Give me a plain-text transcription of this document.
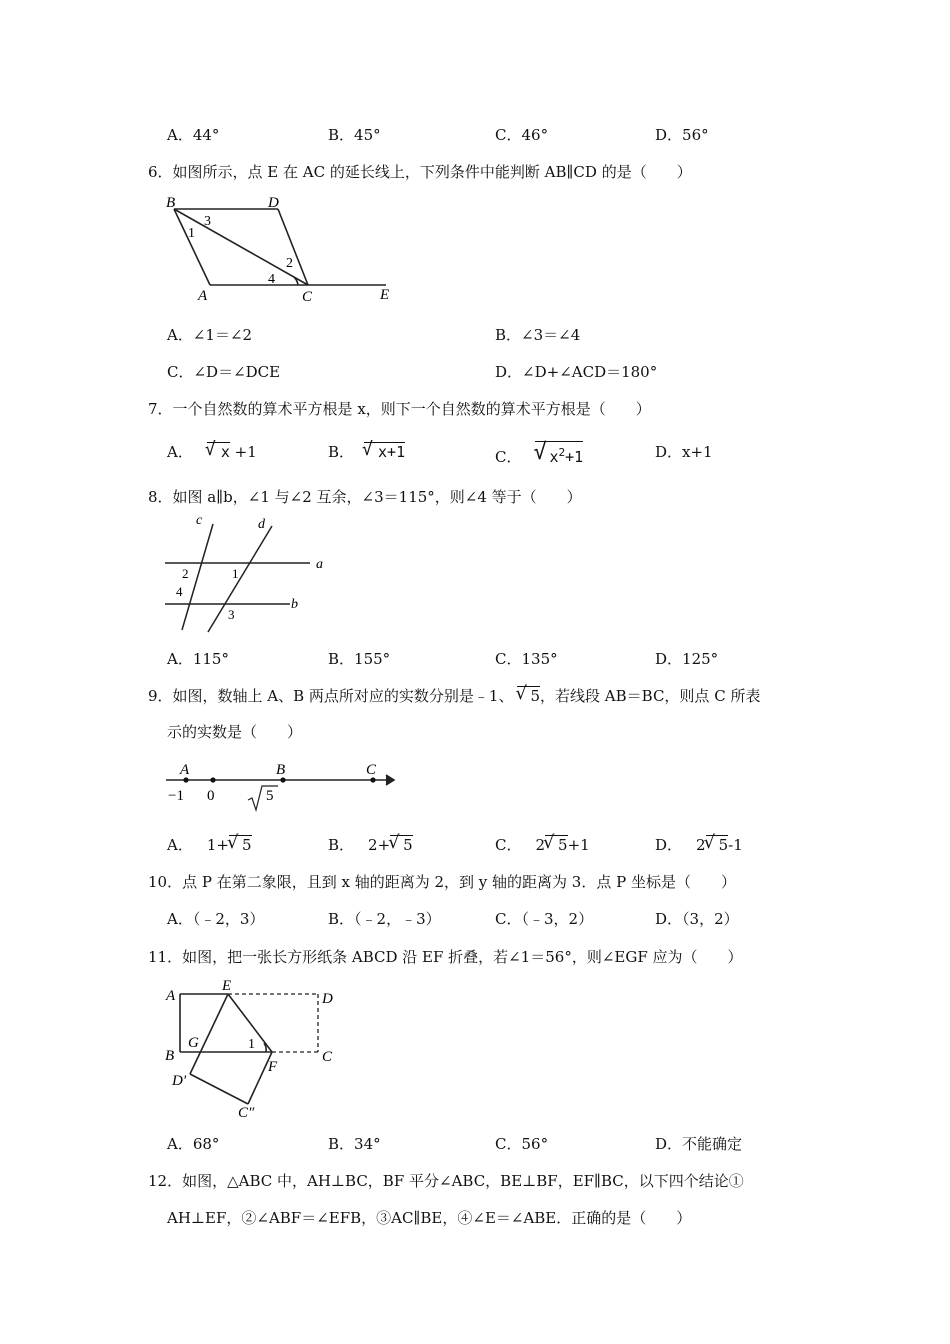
A．44°	B．45°	C．46°	D．56°
6．如图所示，点 E 在 AC 的延长线上，下列条件中能判断 AB∥CD 的是（　　）
B	D
A	C	E
1
2
3
4
A．∠1＝∠2	B．∠3＝∠4
C．∠D＝∠DCE	D．∠D+∠ACD＝180°
7．一个自然数的算术平方根是 x，则下一个自然数的算术平方根是（　　）
A． √ x +1	B． √ x+1	C． √ $x^2+1$	D．x+1
8．如图 a∥b，∠1 与∠2 互余，∠3＝115°，则∠4 等于（　　）
c	d
a
b
1
2
3
4
A．115°	B．155°	C．135°	D．125°
9．如图，数轴上 A、B 两点所对应的实数分别是﹣1、 √ 5，若线段 AB＝BC，则点 C 所表
示的实数是（　　）
A	B	C
−1 0	5
A． 1+
√ 5	B． 2+
√ 5	C． 2
√ 5+1	D． 2
√ 5-1
10．点 P 在第二象限，且到 x 轴的距离为 2，到 y 轴的距离为 3．点 P 坐标是（　　）
A．（﹣2，3）	B．（﹣2，﹣3）	C．（﹣3，2）	D．（3，2）
11．如图，把一张长方形纸条 ABCD 沿 EF 折叠，若∠1＝56°，则∠EGF 应为（　　）
A
E
D
G	1
B	C
F
D′
C″
A．68°	B．34°	C．56°	D．不能确定
12．如图，△ABC 中，AH⊥BC，BF 平分∠ABC，BE⊥BF，EF∥BC，以下四个结论①
AH⊥EF，②∠ABF＝∠EFB，③AC∥BE，④∠E＝∠ABE．正确的是（　　）
